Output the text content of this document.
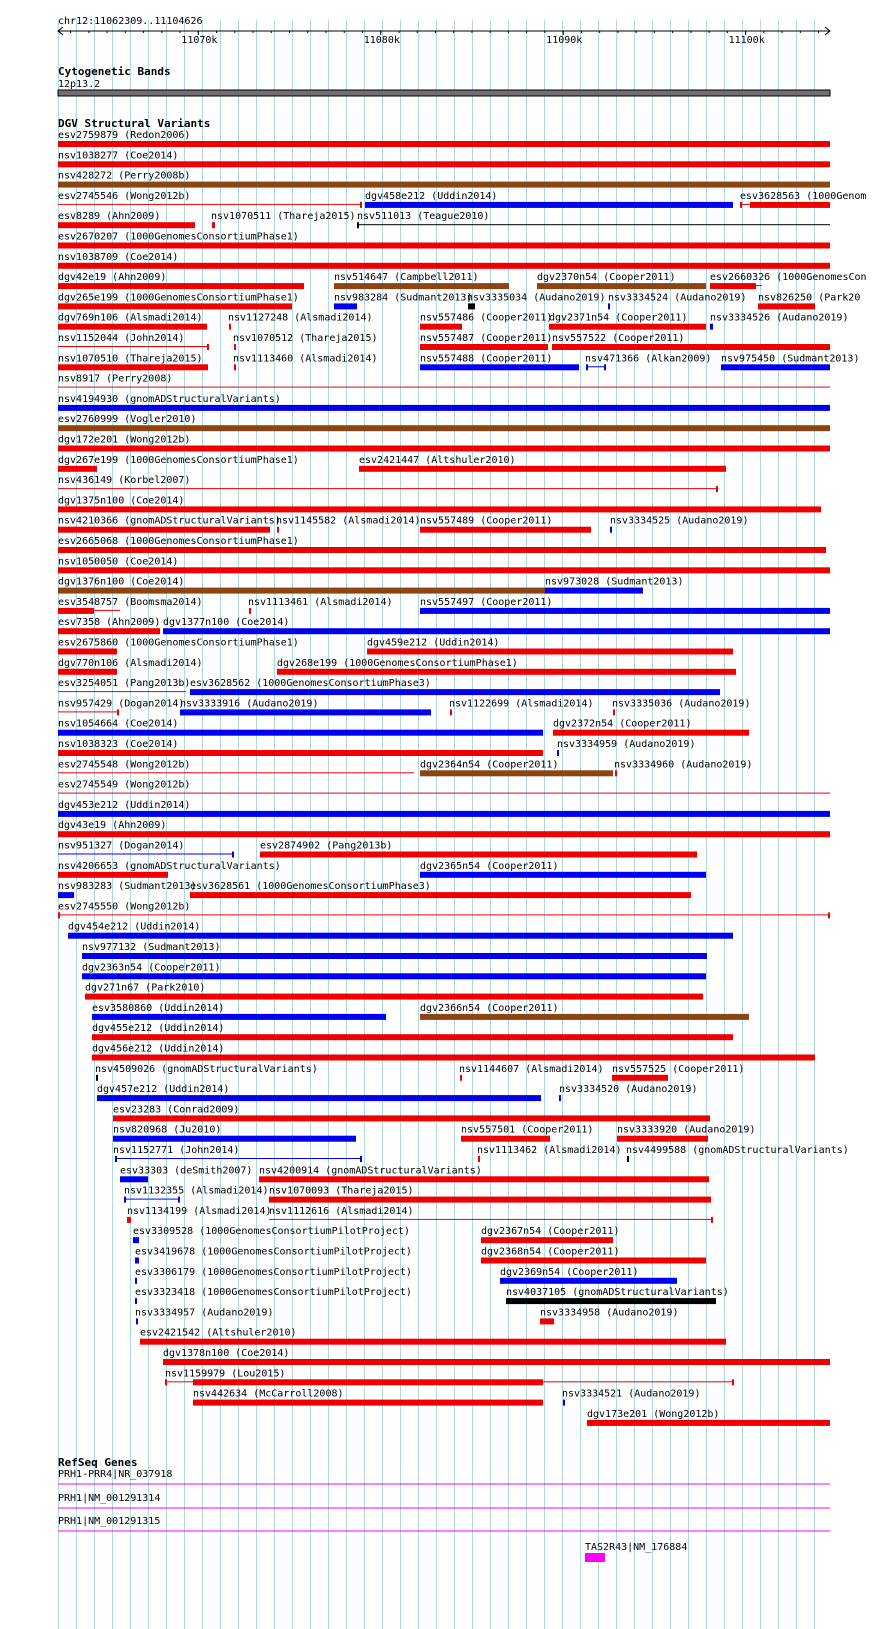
chr12:11062309..11104626
11070k	11080k	11090k	11100k
Cytogenetic Bands
12p13.2
DGV Structural Variants
esv2759879 (Redon2006)
nsv1038277 (Coe2014)
nsv428272 (Perry2008b)
esv2745546 (Wong2012b)	dgv458e212 (Uddin2014)	esv3628563 (1000Genom
esv8289 (Ahn2009)	nsv1070511 (Thareja2015) nsv511013 (Teague2010)
esv2670207 (1000GenomesConsortiumPhase1)
nsv1038709 (Coe2014)
dgv42e19 (Ahn2009)	nsv514647 (Campbell2011)	dgv2370n54 (Cooper2011)	esv2660326 (1000GenomesCon
dgv265e199 (1000GenomesConsortiumPhase1)	nsv983284 (Sudmant2013)
nsv3335034 (Audano2019) nsv3334524 (Audano2019) nsv826250 (Park20
dgv769n106 (Alsmadi2014)	nsv1127248 (Alsmadi2014)	nsv557486 (Cooper2011)
dgv2371n54 (Cooper2011) nsv3334526 (Audano2019)
nsv1152044 (John2014)	nsv1070512 (Thareja2015)	nsv557487 (Cooper2011) nsv557522 (Cooper2011)
nsv1070510 (Thareja2015)	nsv1113460 (Alsmadi2014)	nsv557488 (Cooper2011)	nsv471366 (Alkan2009) nsv975450 (Sudmant2013)
nsv8917 (Perry2008)
nsv4194930 (gnomADStructuralVariants)
esv2760999 (Vogler2010)
dgv172e201 (Wong2012b)
dgv267e199 (1000GenomesConsortiumPhase1)	esv2421447 (Altshuler2010)
nsv436149 (Korbel2007)
dgv1375n100 (Coe2014)
nsv4210366 (gnomADStructuralVariants)
nsv1145582 (Alsmadi2014) nsv557489 (Cooper2011)	nsv3334525 (Audano2019)
esv2665068 (1000GenomesConsortiumPhase1)
nsv1050050 (Coe2014)
dgv1376n100 (Coe2014)	nsv973028 (Sudmant2013)
esv3548757 (Boomsma2014)	nsv1113461 (Alsmadi2014)	nsv557497 (Cooper2011)
esv7358 (Ahn2009) dgv1377n100 (Coe2014)
esv2675860 (1000GenomesConsortiumPhase1)	dgv459e212 (Uddin2014)
dgv770n106 (Alsmadi2014)	dgv268e199 (1000GenomesConsortiumPhase1)
esv3254051 (Pang2013b) esv3628562 (1000GenomesConsortiumPhase3)
nsv957429 (Dogan2014)
nsv3333916 (Audano2019)	nsv1122699 (Alsmadi2014) nsv3335036 (Audano2019)
nsv1054664 (Coe2014)	dgv2372n54 (Cooper2011)
nsv1038323 (Coe2014)	nsv3334959 (Audano2019)
esv2745548 (Wong2012b)	dgv2364n54 (Cooper2011)	nsv3334960 (Audano2019)
esv2745549 (Wong2012b)
dgv453e212 (Uddin2014)
dgv43e19 (Ahn2009)
nsv951327 (Dogan2014)	esv2874902 (Pang2013b)
nsv4206653 (gnomADStructuralVariants)	dgv2365n54 (Cooper2011)
nsv983283 (Sudmant2013)
esv3628561 (1000GenomesConsortiumPhase3)
esv2745550 (Wong2012b)
dgv454e212 (Uddin2014)
nsv977132 (Sudmant2013)
dgv2363n54 (Cooper2011)
dgv271n67 (Park2010)
esv3580860 (Uddin2014)	dgv2366n54 (Cooper2011)
dgv455e212 (Uddin2014)
dgv456e212 (Uddin2014)
nsv4509026 (gnomADStructuralVariants)	nsv1144607 (Alsmadi2014) nsv557525 (Cooper2011)
dgv457e212 (Uddin2014)	nsv3334520 (Audano2019)
esv23283 (Conrad2009)
nsv820968 (Ju2010)	nsv557501 (Cooper2011) nsv3333920 (Audano2019)
nsv1152771 (John2014)	nsv1113462 (Alsmadi2014) nsv4499588 (gnomADStructuralVariants)
esv33303 (deSmith2007) nsv4200914 (gnomADStructuralVariants)
nsv1132355 (Alsmadi2014) nsv1070093 (Thareja2015)
nsv1134199 (Alsmadi2014)
nsv1112616 (Alsmadi2014)
esv3309528 (1000GenomesConsortiumPilotProject)	dgv2367n54 (Cooper2011)
esv3419678 (1000GenomesConsortiumPilotProject)	dgv2368n54 (Cooper2011)
esv3306179 (1000GenomesConsortiumPilotProject)	dgv2369n54 (Cooper2011)
esv3323418 (1000GenomesConsortiumPilotProject)	nsv4037105 (gnomADStructuralVariants)
nsv3334957 (Audano2019)	nsv3334958 (Audano2019)
esv2421542 (Altshuler2010)
dgv1378n100 (Coe2014)
nsv1159979 (Lou2015)
nsv442634 (McCarroll2008)	nsv3334521 (Audano2019)
dgv173e201 (Wong2012b)
RefSeq Genes
PRH1-PRR4|NR_037918
PRH1|NM_001291314
PRH1|NM_001291315
TAS2R43|NM_176884
